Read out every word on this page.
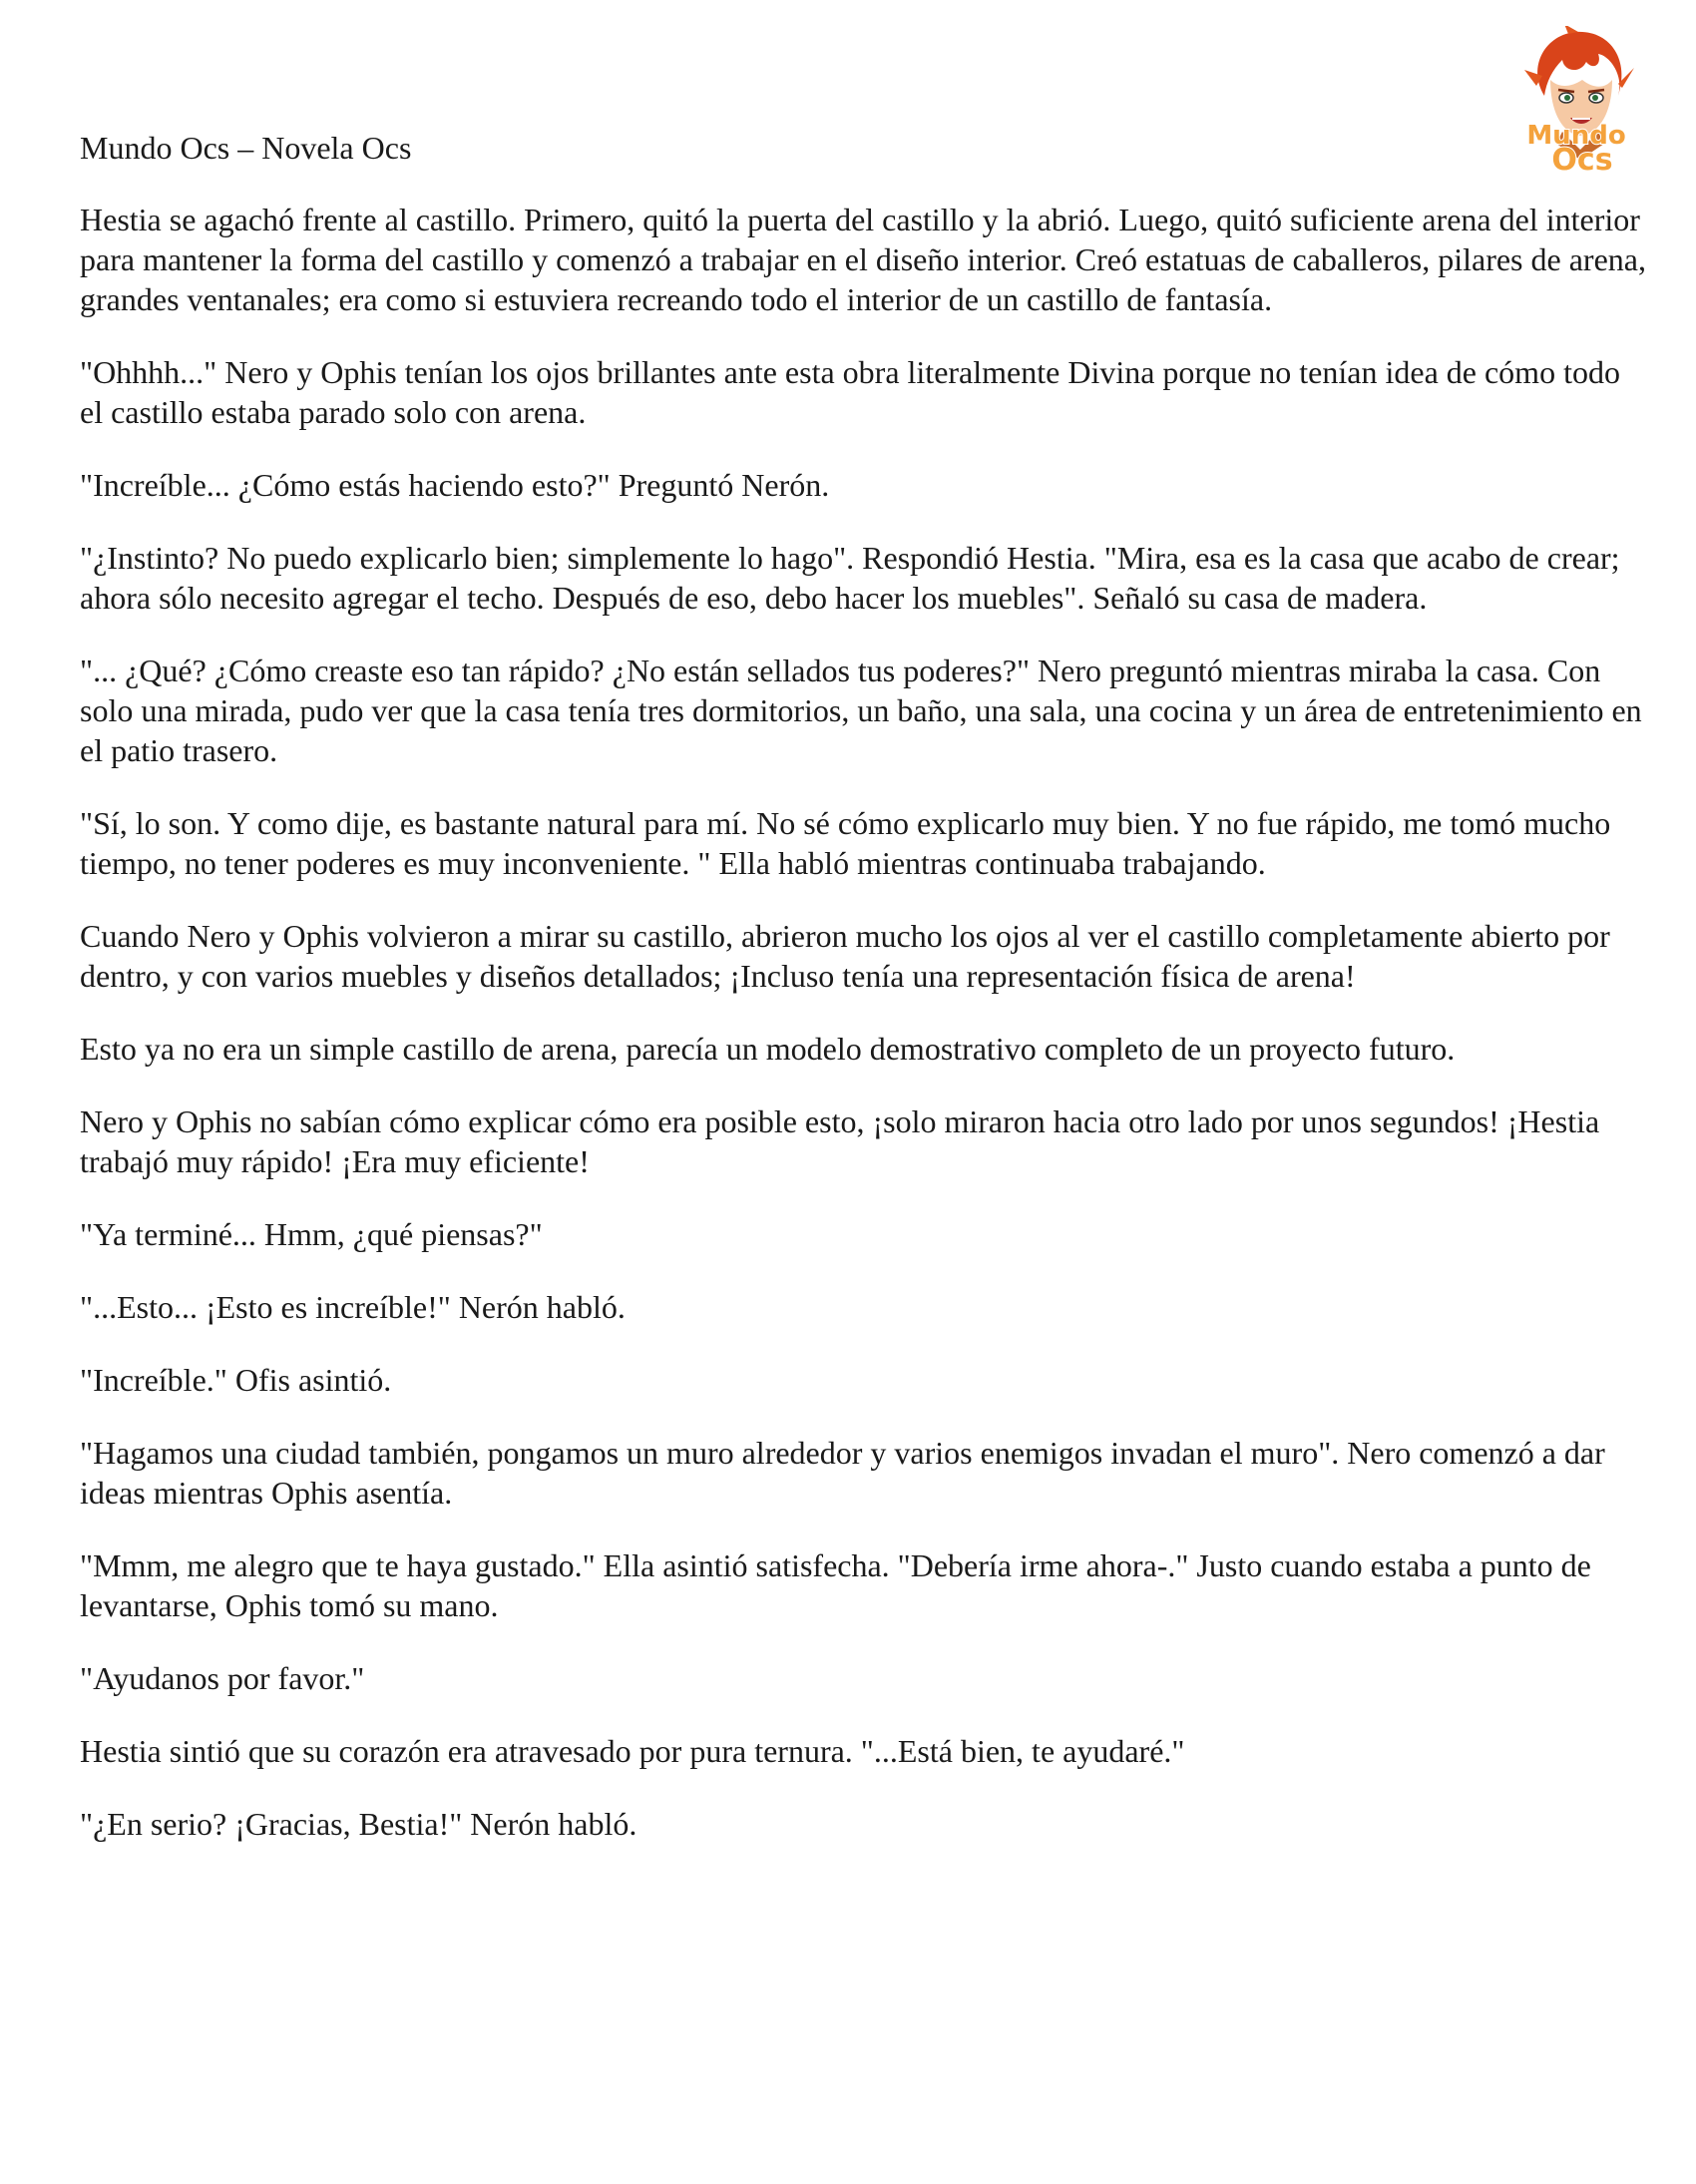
Mundo
Ocs
Mundo Ocs – Novela Ocs

Hestia se agachó frente al castillo. Primero, quitó la puerta del castillo y la abrió. Luego, quitó suficiente arena del interior para mantener la forma del castillo y comenzó a trabajar en el diseño interior. Creó estatuas de caballeros, pilares de arena, grandes ventanales; era como si estuviera recreando todo el interior de un castillo de fantasía.

"Ohhhh..." Nero y Ophis tenían los ojos brillantes ante esta obra literalmente Divina porque no tenían idea de cómo todo el castillo estaba parado solo con arena.

"Increíble... ¿Cómo estás haciendo esto?" Preguntó Nerón.

"¿Instinto? No puedo explicarlo bien; simplemente lo hago". Respondió Hestia. "Mira, esa es la casa que acabo de crear; ahora sólo necesito agregar el techo. Después de eso, debo hacer los muebles". Señaló su casa de madera.

"... ¿Qué? ¿Cómo creaste eso tan rápido? ¿No están sellados tus poderes?" Nero preguntó mientras miraba la casa. Con solo una mirada, pudo ver que la casa tenía tres dormitorios, un baño, una sala, una cocina y un área de entretenimiento en el patio trasero.

"Sí, lo son. Y como dije, es bastante natural para mí. No sé cómo explicarlo muy bien. Y no fue rápido, me tomó mucho tiempo, no tener poderes es muy inconveniente. " Ella habló mientras continuaba trabajando.

Cuando Nero y Ophis volvieron a mirar su castillo, abrieron mucho los ojos al ver el castillo completamente abierto por dentro, y con varios muebles y diseños detallados; ¡Incluso tenía una representación física de arena!

Esto ya no era un simple castillo de arena, parecía un modelo demostrativo completo de un proyecto futuro.

Nero y Ophis no sabían cómo explicar cómo era posible esto, ¡solo miraron hacia otro lado por unos segundos! ¡Hestia trabajó muy rápido! ¡Era muy eficiente!

"Ya terminé... Hmm, ¿qué piensas?"

"...Esto... ¡Esto es increíble!" Nerón habló.

"Increíble." Ofis asintió.

"Hagamos una ciudad también, pongamos un muro alrededor y varios enemigos invadan el muro". Nero comenzó a dar ideas mientras Ophis asentía.

"Mmm, me alegro que te haya gustado." Ella asintió satisfecha. "Debería irme ahora-." Justo cuando estaba a punto de levantarse, Ophis tomó su mano.

"Ayudanos por favor."

Hestia sintió que su corazón era atravesado por pura ternura. "...Está bien, te ayudaré."

"¿En serio? ¡Gracias, Bestia!" Nerón habló.
